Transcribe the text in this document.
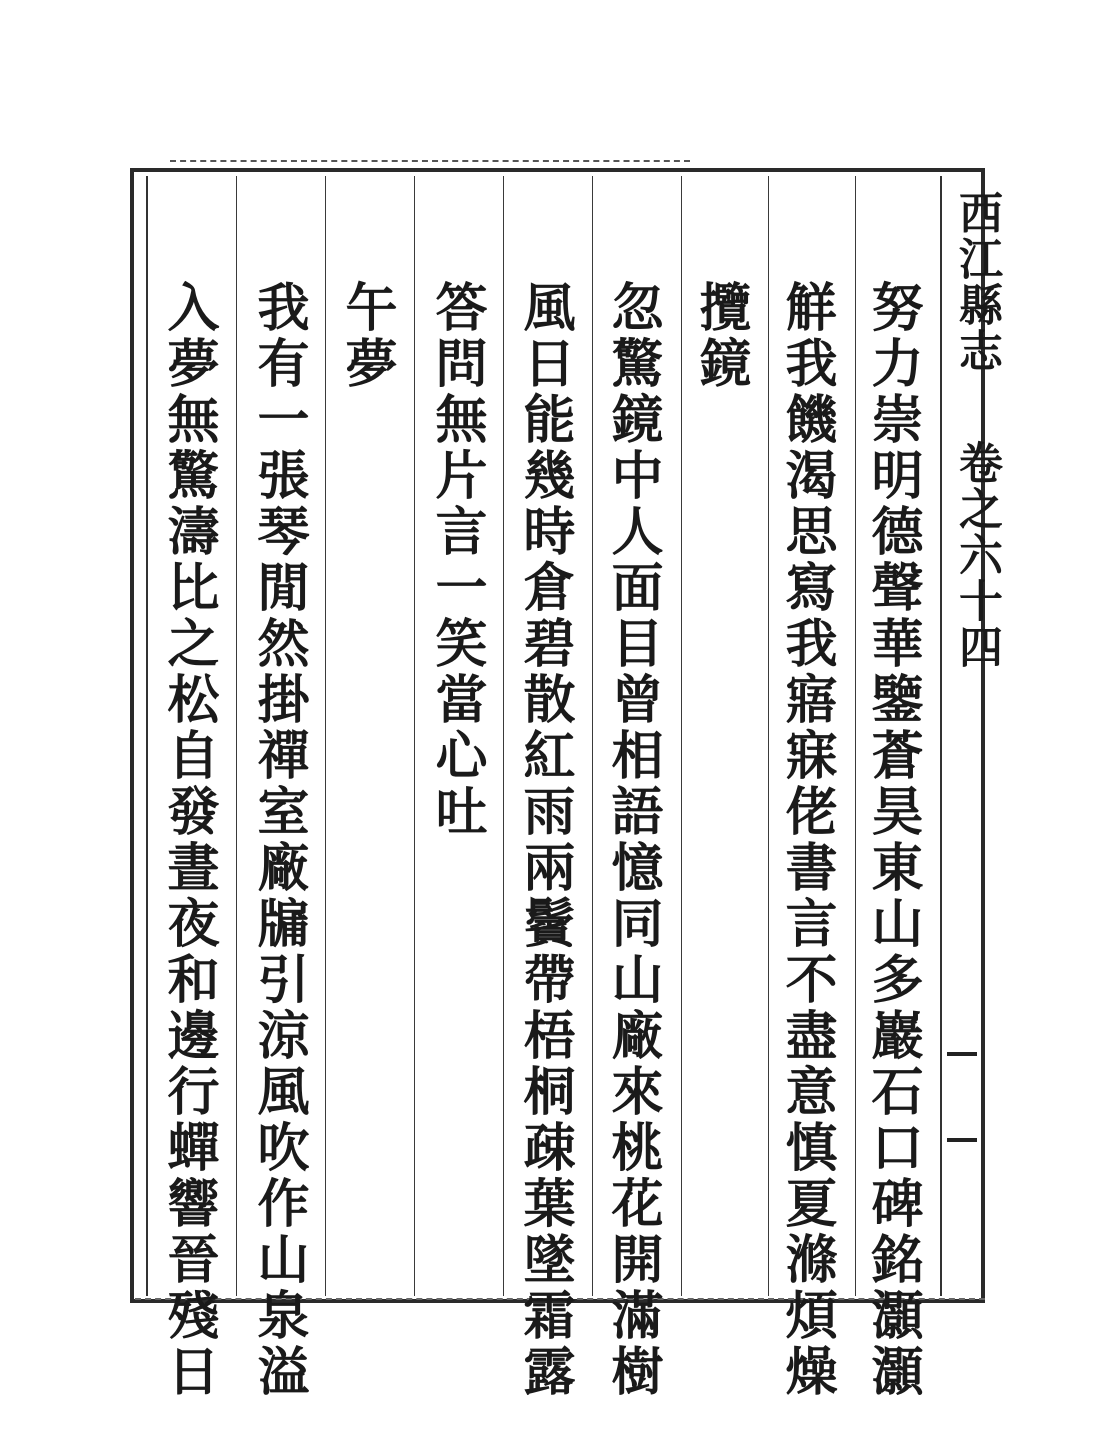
西江縣志
卷之六十四
努力崇明德聲華鑒蒼昊東山多巖石口碑銘灝灝
觧我饑渴思寫我寤寐佬書言不盡意慎夏滌煩燥
攬鏡
忽驚鏡中人面目曾相語憶同山廠來桃花開滿樹
風日能幾時倉碧散紅雨兩鬢帶梧桐疎葉墜霜露
答問無片言一笑當心吐
午夢
我有一張琴閒然掛禪室廠牖引涼風吹作山泉溢
入夢無驚濤比之松自發晝夜和邊行蟬響晉殘日
